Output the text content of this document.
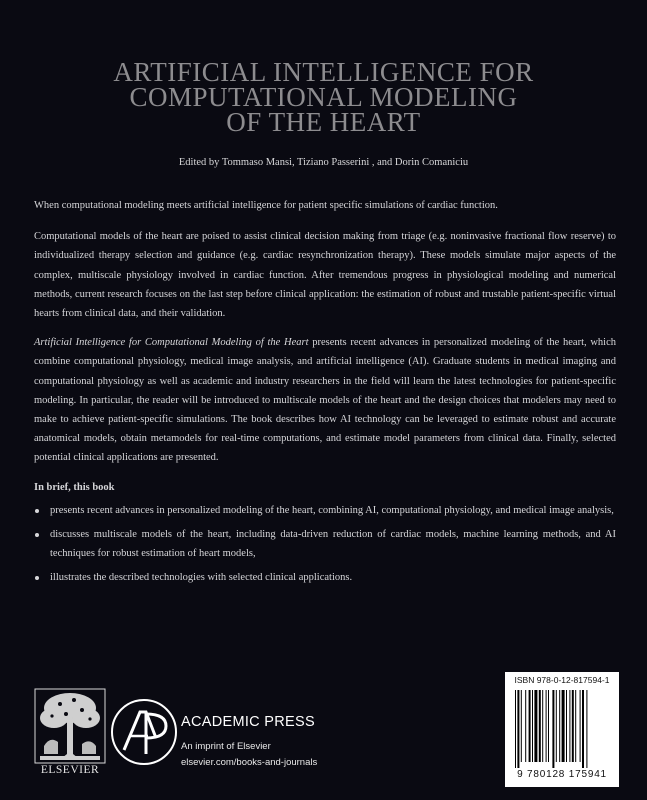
ARTIFICIAL INTELLIGENCE FOR
COMPUTATIONAL MODELING
OF THE HEART
Edited by Tommaso Mansi, Tiziano Passerini , and Dorin Comaniciu

When computational modeling meets artificial intelligence for patient specific simulations of cardiac function.

Computational models of the heart are poised to assist clinical decision making from triage (e.g. noninvasive fractional flow reserve) to individualized therapy selection and guidance (e.g. cardiac resynchronization therapy). These models simulate major aspects of the complex, multiscale physiology involved in cardiac function. After tremendous progress in physiological modeling and numerical methods, current research focuses on the last step before clinical application: the estimation of robust and trustable patient-specific virtual hearts from clinical data, and their validation.

Artificial Intelligence for Computational Modeling of the Heart presents recent advances in personalized modeling of the heart, which combine computational physiology, medical image analysis, and artificial intelligence (AI). Graduate students in medical imaging and computational physiology as well as academic and industry researchers in the field will learn the latest technologies for patient-specific modeling. In particular, the reader will be introduced to multiscale models of the heart and the design choices that modelers may need to make to achieve patient-specific simulations. The book describes how AI technology can be leveraged to estimate robust and accurate anatomical models, obtain metamodels for real-time computations, and estimate model parameters from clinical data. Finally, selected potential clinical applications are presented.

In brief, this book
presents recent advances in personalized modeling of the heart, combining AI, computational physiology, and medical image analysis,
discusses multiscale models of the heart, including data-driven reduction of cardiac models, machine learning methods, and AI techniques for robust estimation of heart models,
illustrates the described technologies with selected clinical applications.
ELSEVIER
ACADEMIC PRESS
An imprint of Elsevier
elsevier.com/books-and-journals
ISBN 978-0-12-817594-1
9 780128 175941
